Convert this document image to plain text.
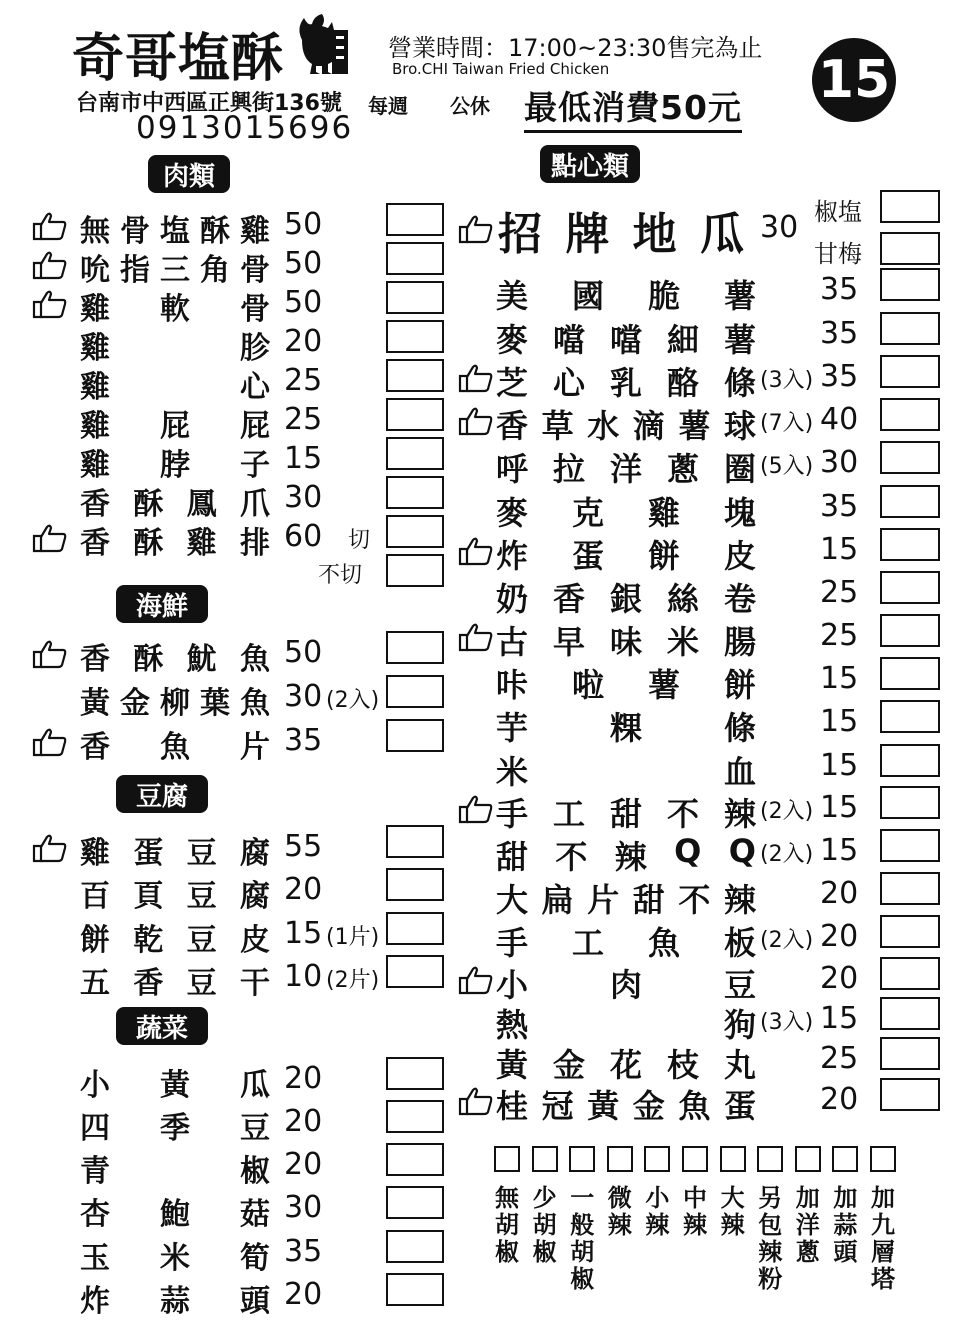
奇哥塩酥
台南市中西區正興街136號
0913015696
營業時間：17:00~23:30售完為止
Bro.CHI Taiwan Fried Chicken
每週 公休 最低消費50元 15
肉類	點心類
海鮮
豆腐
蔬菜
無 骨 塩 酥 雞 50
吮 指 三 角 骨 50
雞 軟 骨 50
雞	胗 20
雞	心 25
雞 屁 屁 25
雞 脖 子 15
香 酥 鳳 爪 30
香 酥 雞 排 60 切
不切
香 酥 魷 魚 50
黃 金 柳 葉 魚 30 (2入)
香 魚 片 35
雞 蛋 豆 腐 55
百 頁 豆 腐 20
餅 乾 豆 皮 15 (1片)
五 香 豆 干 10 (2片)
小 黃 瓜 20
四 季 豆 20
青	椒 20
杏 鮑 菇 30
玉 米 筍 35
炸 蒜 頭 20
招 牌 地 瓜 30 椒塩
甘梅
美 國 脆 薯 35
麥 噹 噹 細 薯 35
芝 心 乳 酪 條 (3入) 35
香 草 水 滴 薯 球 (7入) 40
呼 拉 洋 蔥 圈 (5入) 30
麥 克 雞 塊 35
炸 蛋 餅 皮 15
奶 香 銀 絲 卷 25
古 早 味 米 腸 25
咔 啦 薯 餅 15
芋	粿	條 15
米	血 15
手 工 甜 不 辣 (2入) 15
甜 不 辣 Q Q (2入) 15
大 扁 片 甜 不 辣 20
手 工 魚 板 (2入) 20
小	肉	豆 20
熱	狗 (3入) 15
黃 金 花 枝 丸 25
桂 冠 黃 金 魚 蛋 20
無胡椒
少胡椒
一般胡椒
微辣
小辣
中辣
大辣
另包辣粉
加洋蔥
加蒜頭
加九層塔
